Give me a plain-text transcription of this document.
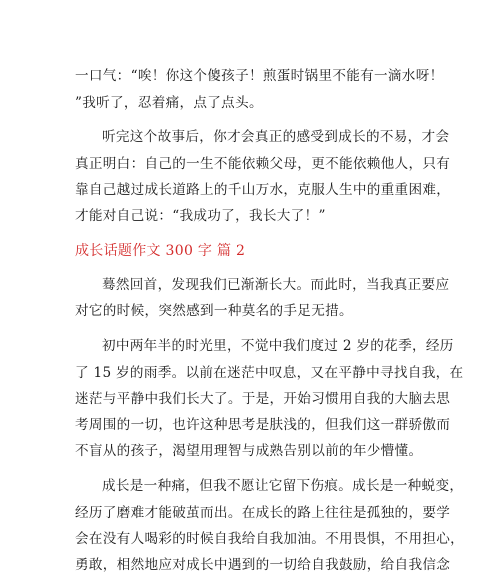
一口气：“唉！你这个傻孩子！煎蛋时锅里不能有一滴水呀！
”我听了，忍着痛，点了点头。
听完这个故事后，你才会真正的感受到成长的不易，才会
真正明白：自己的一生不能依赖父母，更不能依赖他人，只有
靠自己越过成长道路上的千山万水，克服人生中的重重困难，
才能对自己说：“我成功了，我长大了！”
成长话题作文 300 字 篇 2
蓦然回首，发现我们已渐渐长大。而此时，当我真正要应
对它的时候，突然感到一种莫名的手足无措。
初中两年半的时光里，不觉中我们度过 2 岁的花季，经历
了 15 岁的雨季。以前在迷茫中叹息，又在平静中寻找自我，在
迷茫与平静中我们长大了。于是，开始习惯用自我的大脑去思
考周围的一切，也许这种思考是肤浅的，但我们这一群骄傲而
不盲从的孩子，渴望用理智与成熟告别以前的年少懵懂。
成长是一种痛，但我不愿让它留下伤痕。成长是一种蜕变，
经历了磨难才能破茧而出。在成长的路上往往是孤独的，要学
会在没有人喝彩的时候自我给自我加油。不用畏惧，不用担心，
勇敢，相然地应对成长中遇到的一切给自我鼓励，给自我信念
